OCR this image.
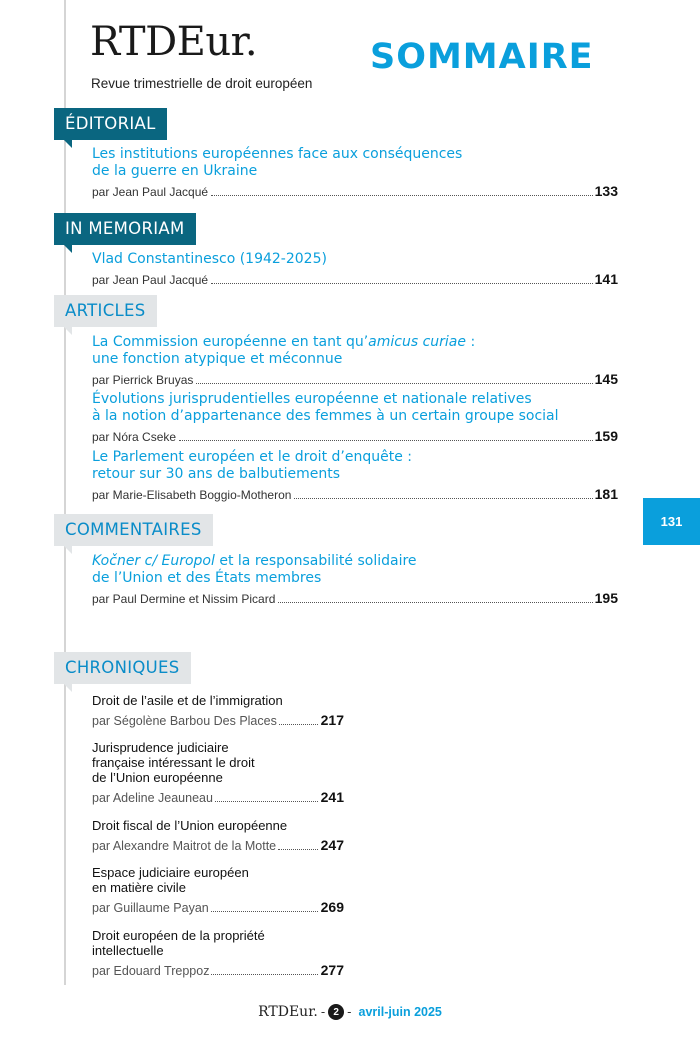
RTDEur.
Revue trimestrielle de droit européen
SOMMAIRE
ÉDITORIAL
Les institutions européennes face aux conséquences
de la guerre en Ukraine
par Jean Paul Jacqué	133
IN MEMORIAM
Vlad Constantinesco (1942-2025)
par Jean Paul Jacqué	141
ARTICLES
La Commission européenne en tant qu’amicus curiae :
une fonction atypique et méconnue
par Pierrick Bruyas	145
Évolutions jurisprudentielles européenne et nationale relatives
à la notion d’appartenance des femmes à un certain groupe social
par Nóra Cseke	159
Le Parlement européen et le droit d’enquête :
retour sur 30 ans de balbutiements
par Marie-Elisabeth Boggio-Motheron	181
COMMENTAIRES
Kočner c/ Europol et la responsabilité solidaire
de l’Union et des États membres
par Paul Dermine et Nissim Picard	195
CHRONIQUES
Droit de l’asile et de l’immigration
par Ségolène Barbou Des Places	217
Jurisprudence judiciaire
française intéressant le droit
de l’Union européenne
par Adeline Jeauneau	241
Droit fiscal de l’Union européenne
par Alexandre Maitrot de la Motte	247
Espace judiciaire européen
en matière civile
par Guillaume Payan	269
Droit européen de la propriété
intellectuelle
par Edouard Treppoz	277
131
RTDEur. - 2 - avril-juin 2025
